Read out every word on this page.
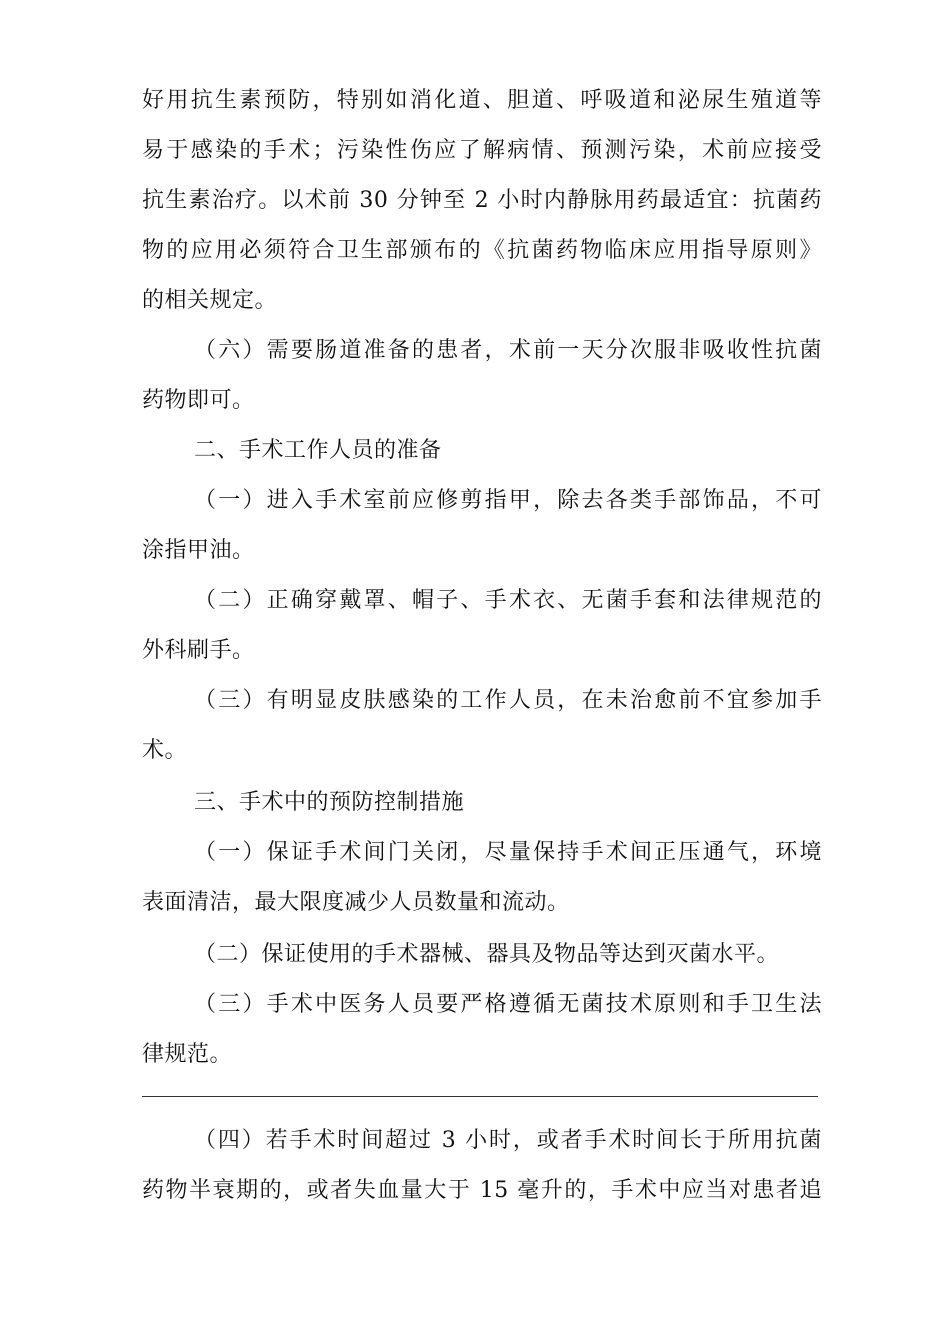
好用抗生素预防，特别如消化道、胆道、呼吸道和泌尿生殖道等
易于感染的手术；污染性伤应了解病情、预测污染，术前应接受
抗生素治疗。以术前 30 分钟至 2 小时内静脉用药最适宜：抗菌药
物的应用必须符合卫生部颁布的《抗菌药物临床应用指导原则》
的相关规定。
（六）需要肠道准备的患者，术前一天分次服非吸收性抗菌
药物即可。
二、手术工作人员的准备
（一）进入手术室前应修剪指甲，除去各类手部饰品，不可
涂指甲油。
（二）正确穿戴罩、帽子、手术衣、无菌手套和法律规范的
外科刷手。
（三）有明显皮肤感染的工作人员，在未治愈前不宜参加手
术。
三、手术中的预防控制措施
（一）保证手术间门关闭，尽量保持手术间正压通气，环境
表面清洁，最大限度减少人员数量和流动。
（二）保证使用的手术器械、器具及物品等达到灭菌水平。
（三）手术中医务人员要严格遵循无菌技术原则和手卫生法
律规范。
（四）若手术时间超过 3 小时，或者手术时间长于所用抗菌
药物半衰期的，或者失血量大于 15 毫升的，手术中应当对患者追
